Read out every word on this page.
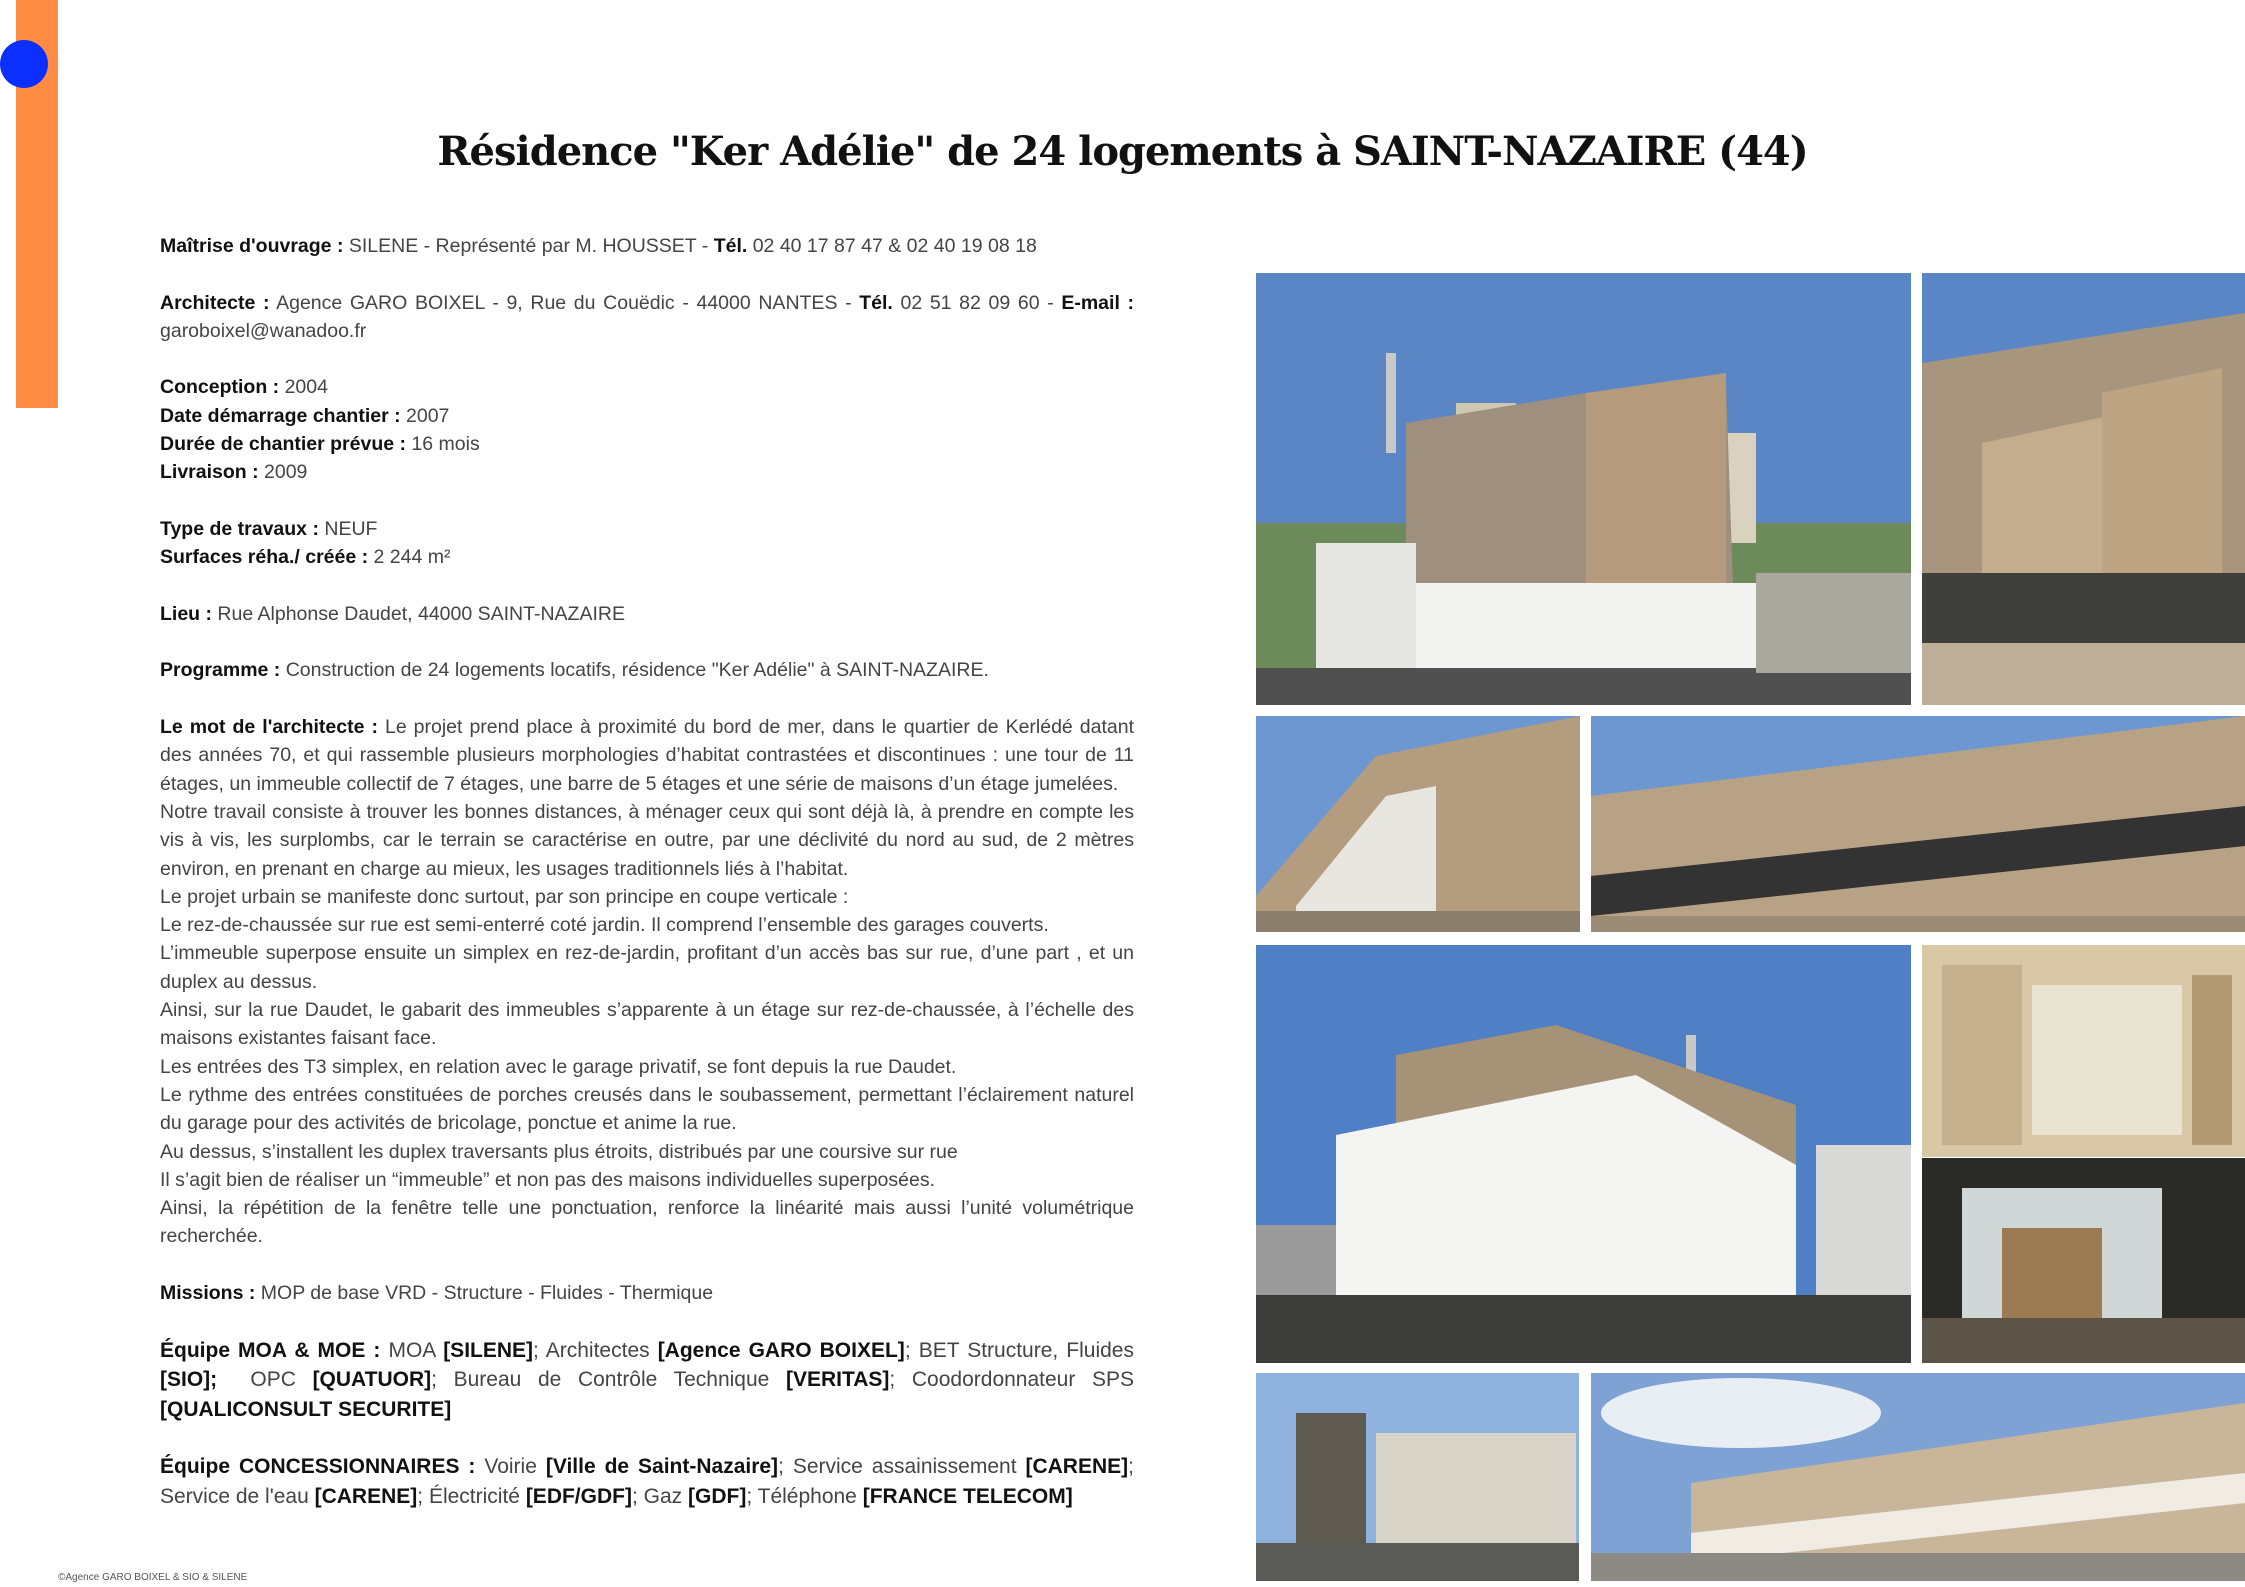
Résidence "Ker Adélie" de 24 logements à SAINT-NAZAIRE (44)

Maîtrise d'ouvrage : SILENE - Représenté par M. HOUSSET - Tél. 02 40 17 87 47 & 02 40 19 08 18

Architecte : Agence GARO BOIXEL - 9, Rue du Couëdic - 44000 NANTES - Tél. 02 51 82 09 60 - E-mail : garoboixel@wanadoo.fr

Conception : 2004
Date démarrage chantier : 2007
Durée de chantier prévue : 16 mois
Livraison : 2009

Type de travaux : NEUF
Surfaces réha./ créée : 2 244 m²

Lieu : Rue Alphonse Daudet, 44000 SAINT-NAZAIRE

Programme : Construction de 24 logements locatifs, résidence "Ker Adélie" à SAINT-NAZAIRE.

Le mot de l'architecte : Le projet prend place à proximité du bord de mer, dans le quartier de Kerlédé datant des années 70, et qui rassemble plusieurs morphologies d’habitat contrastées et discontinues : une tour de 11 étages, un immeuble collectif de 7 étages, une barre de 5 étages et une série de maisons d’un étage jumelées.
Notre travail consiste à trouver les bonnes distances, à ménager ceux qui sont déjà là, à prendre en compte les vis à vis, les surplombs, car le terrain se caractérise en outre, par une déclivité du nord au sud, de 2 mètres environ, en prenant en charge au mieux, les usages traditionnels liés à l’habitat.
Le projet urbain se manifeste donc surtout, par son principe en coupe verticale :
Le rez-de-chaussée sur rue est semi-enterré coté jardin. Il comprend l’ensemble des garages couverts.
L’immeuble superpose ensuite un simplex en rez-de-jardin, profitant d’un accès bas sur rue, d’une part , et un duplex au dessus.
Ainsi, sur la rue Daudet, le gabarit des immeubles s’apparente à un étage sur rez-de-chaussée, à l’échelle des maisons existantes faisant face.
Les entrées des T3 simplex, en relation avec le garage privatif, se font depuis la rue Daudet.
Le rythme des entrées constituées de porches creusés dans le soubassement, permettant l’éclairement naturel du garage pour des activités de bricolage, ponctue et anime la rue.
Au dessus, s’installent les duplex traversants plus étroits, distribués par une coursive sur rue
Il s’agit bien de réaliser un “immeuble” et non pas des maisons individuelles superposées.
Ainsi, la répétition de la fenêtre telle une ponctuation, renforce la linéarité mais aussi l’unité volumétrique recherchée.

Missions : MOP de base VRD - Structure - Fluides - Thermique

Équipe MOA & MOE : MOA [SILENE]; Architectes [Agence GARO BOIXEL]; BET Structure, Fluides [SIO];  OPC [QUATUOR]; Bureau de Contrôle Technique [VERITAS]; Coodordonnateur SPS [QUALICONSULT SECURITE]

Équipe CONCESSIONNAIRES : Voirie [Ville de Saint-Nazaire]; Service assainissement [CARENE]; Service de l'eau [CARENE]; Électricité [EDF/GDF]; Gaz [GDF]; Téléphone [FRANCE TELECOM]

©Agence GARO BOIXEL & SIO & SILENE
